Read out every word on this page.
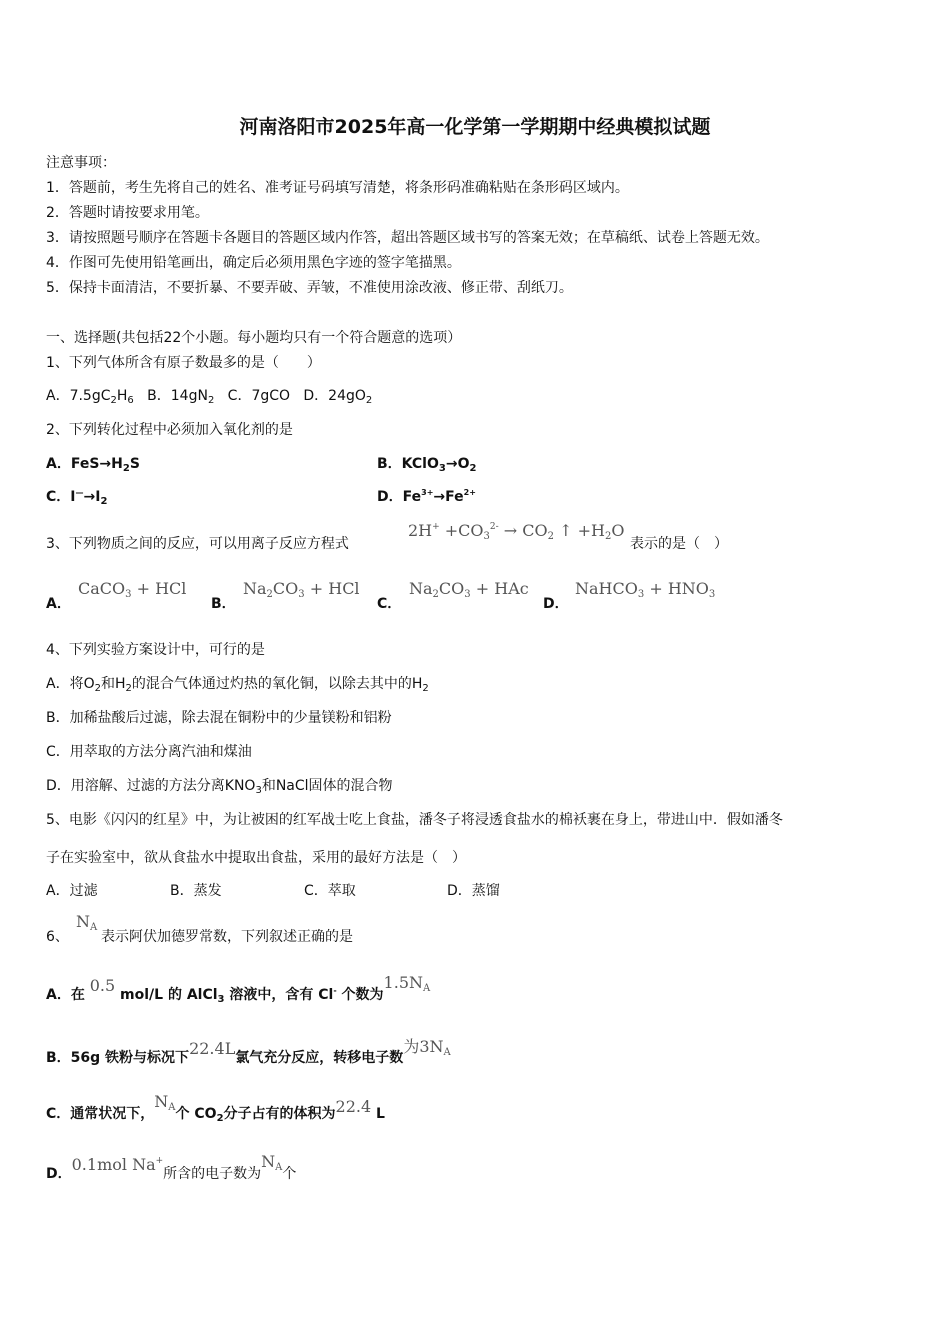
河南洛阳市2025年高一化学第一学期期中经典模拟试题
注意事项：
1．答题前，考生先将自己的姓名、准考证号码填写清楚，将条形码准确粘贴在条形码区域内。
2．答题时请按要求用笔。
3．请按照题号顺序在答题卡各题目的答题区域内作答，超出答题区域书写的答案无效；在草稿纸、试卷上答题无效。
4．作图可先使用铅笔画出，确定后必须用黑色字迹的签字笔描黑。
5．保持卡面清洁，不要折暴、不要弄破、弄皱，不准使用涂改液、修正带、刮纸刀。
一、选择题(共包括22个小题。每小题均只有一个符合题意的选项）
1、下列气体所含有原子数最多的是（　　）
A．$7.5gC_2H_6$ B．$14gN_2$ C．7gCO D．$24gO_2$
2、下列转化过程中必须加入氧化剂的是
A．$FeS\to H_2S$	B．$KClO_3\to O_2$
C．$I^—\to I_2$	D．$Fe^{3+}\to Fe^{2+}$
3、下列物质之间的反应，可以用离子反应方程式
$2H^+ +CO3^{2-} \to CO2$ ↑ +H2O
表示的是（　）
A．
CaCO3 + HCl
B．
Na2CO3 + HCl
C．
Na2CO3 + HAc
D．
NaHCO3 + HNO3
4、下列实验方案设计中，可行的是
A．将$O_2$和$H_2$的混合气体通过灼热的氧化铜，以除去其中的$H_2$
B．加稀盐酸后过滤，除去混在铜粉中的少量镁粉和铝粉
C．用萃取的方法分离汽油和煤油
D．用溶解、过滤的方法分离$KNO_3$和NaCl固体的混合物
5、电影《闪闪的红星》中，为让被困的红军战士吃上食盐，潘冬子将浸透食盐水的棉袄裹在身上，带进山中．假如潘冬
子在实验室中，欲从食盐水中提取出食盐，采用的最好方法是（　）
A．过滤	B．蒸发	C．萃取	D．蒸馏
6、
NA
表示阿伏加德罗常数，下列叙述正确的是
A．在 0.5 mol/L 的 AlCl$_3$ 溶液中，含有 Cl- 个数为1.5NA
B．56g 铁粉与标况下22.4L氯气充分反应，转移电子数为3NA
C．通常状况下，NA个 $CO_2$分子占有的体积为22.4 L
D．0.1mol Na+所含的电子数为NA个
